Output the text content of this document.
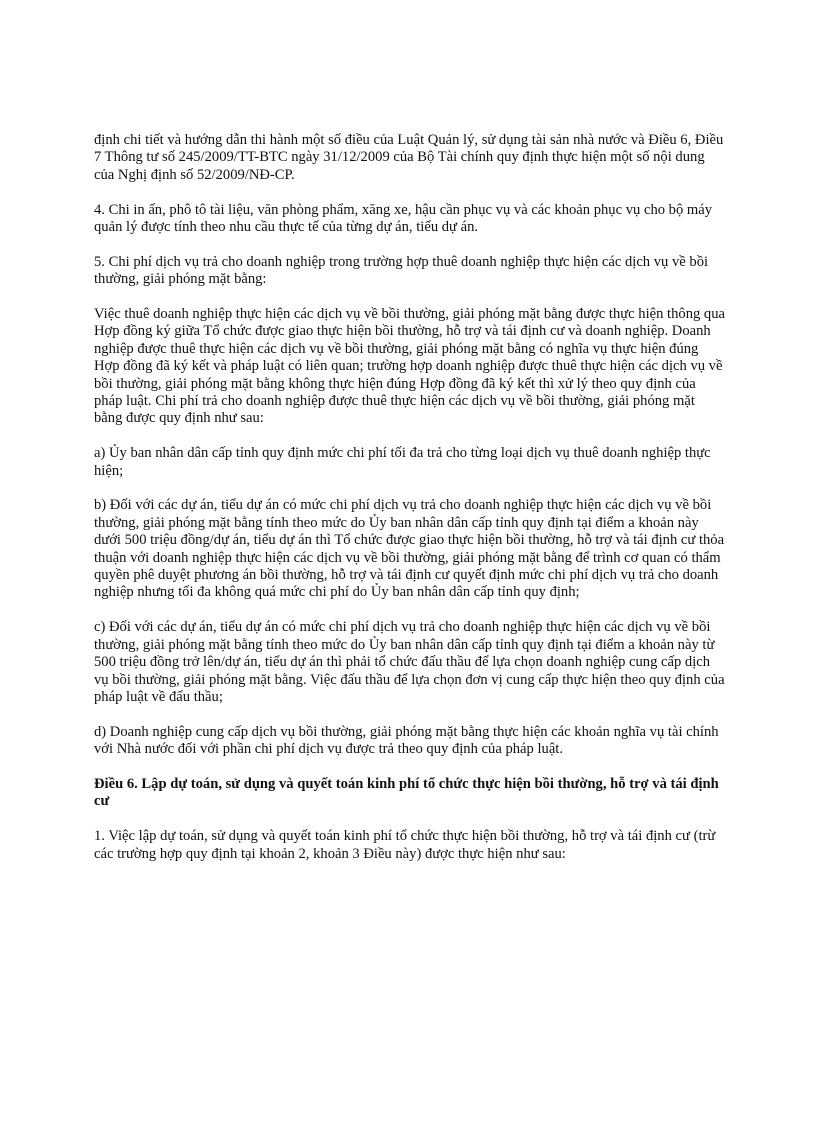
định chi tiết và hướng dẫn thi hành một số điều của Luật Quản lý, sử dụng tài sản nhà nước và Điều 6, Điều 7 Thông tư số 245/2009/TT-BTC ngày 31/12/2009 của Bộ Tài chính quy định thực hiện một số nội dung của Nghị định số 52/2009/NĐ-CP.

4. Chi in ấn, phô tô tài liệu, văn phòng phẩm, xăng xe, hậu cần phục vụ và các khoản phục vụ cho bộ máy quản lý được tính theo nhu cầu thực tế của từng dự án, tiểu dự án.

5. Chi phí dịch vụ trả cho doanh nghiệp trong trường hợp thuê doanh nghiệp thực hiện các dịch vụ về bồi thường, giải phóng mặt bằng:

Việc thuê doanh nghiệp thực hiện các dịch vụ về bồi thường, giải phóng mặt bằng được thực hiện thông qua Hợp đồng ký giữa Tổ chức được giao thực hiện bồi thường, hỗ trợ và tái định cư và doanh nghiệp. Doanh nghiệp được thuê thực hiện các dịch vụ về bồi thường, giải phóng mặt bằng có nghĩa vụ thực hiện đúng Hợp đồng đã ký kết và pháp luật có liên quan; trường hợp doanh nghiệp được thuê thực hiện các dịch vụ về bồi thường, giải phóng mặt bằng không thực hiện đúng Hợp đồng đã ký kết thì xử lý theo quy định của pháp luật. Chi phí trả cho doanh nghiệp được thuê thực hiện các dịch vụ về bồi thường, giải phóng mặt bằng được quy định như sau:

a) Ủy ban nhân dân cấp tỉnh quy định mức chi phí tối đa trả cho từng loại dịch vụ thuê doanh nghiệp thực hiện;

b) Đối với các dự án, tiểu dự án có mức chi phí dịch vụ trả cho doanh nghiệp thực hiện các dịch vụ về bồi thường, giải phóng mặt bằng tính theo mức do Ủy ban nhân dân cấp tỉnh quy định tại điểm a khoản này dưới 500 triệu đồng/dự án, tiểu dự án thì Tổ chức được giao thực hiện bồi thường, hỗ trợ và tái định cư thỏa thuận với doanh nghiệp thực hiện các dịch vụ về bồi thường, giải phóng mặt bằng để trình cơ quan có thẩm quyền phê duyệt phương án bồi thường, hỗ trợ và tái định cư quyết định mức chi phí dịch vụ trả cho doanh nghiệp nhưng tối đa không quá mức chi phí do Ủy ban nhân dân cấp tỉnh quy định;

c) Đối với các dự án, tiểu dự án có mức chi phí dịch vụ trả cho doanh nghiệp thực hiện các dịch vụ về bồi thường, giải phóng mặt bằng tính theo mức do Ủy ban nhân dân cấp tỉnh quy định tại điểm a khoản này từ 500 triệu đồng trở lên/dự án, tiểu dự án thì phải tổ chức đấu thầu để lựa chọn doanh nghiệp cung cấp dịch vụ bồi thường, giải phóng mặt bằng. Việc đấu thầu để lựa chọn đơn vị cung cấp thực hiện theo quy định của pháp luật về đấu thầu;

d) Doanh nghiệp cung cấp dịch vụ bồi thường, giải phóng mặt bằng thực hiện các khoản nghĩa vụ tài chính với Nhà nước đối với phần chi phí dịch vụ được trả theo quy định của pháp luật.

Điều 6. Lập dự toán, sử dụng và quyết toán kinh phí tổ chức thực hiện bồi thường, hỗ trợ và tái định cư

1. Việc lập dự toán, sử dụng và quyết toán kinh phí tổ chức thực hiện bồi thường, hỗ trợ và tái định cư (trừ các trường hợp quy định tại khoản 2, khoản 3 Điều này) được thực hiện như sau:
